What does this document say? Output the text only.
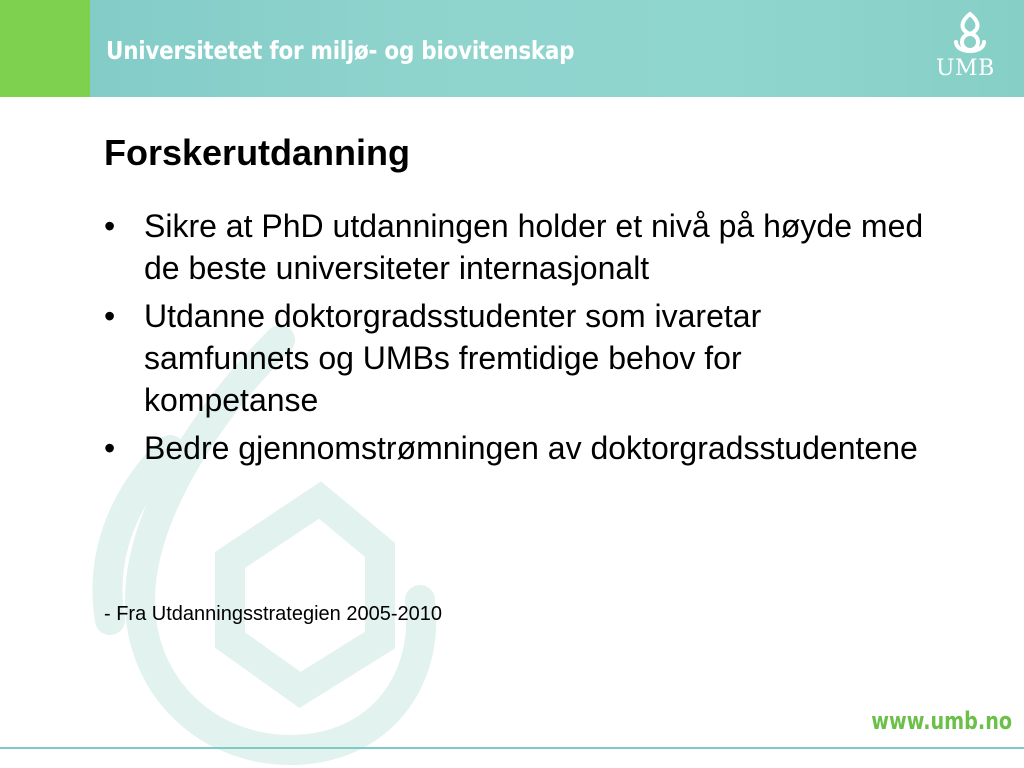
Universitetet for miljø- og biovitenskap
UMB
Forskerutdanning
• Sikre at PhD utdanningen holder et nivå på høyde med de beste universiteter internasjonalt
• Utdanne doktorgradsstudenter som ivaretar samfunnets og UMBs fremtidige behov for kompetanse
• Bedre gjennomstrømningen av doktorgradsstudentene
- Fra Utdanningsstrategien 2005-2010
www.umb.no
